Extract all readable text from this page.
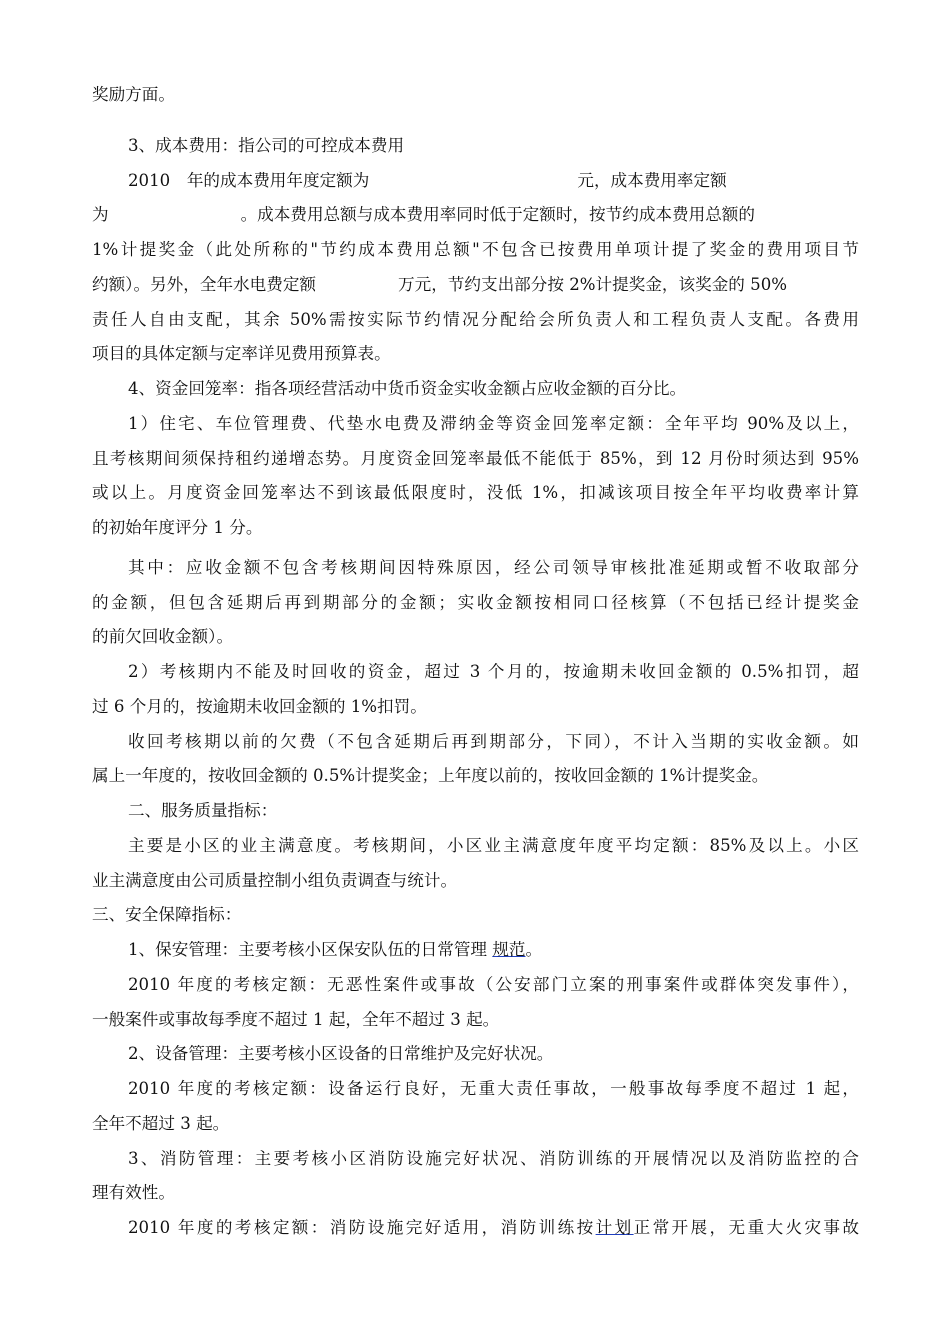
奖励方面。
3、成本费用：指公司的可控成本费用
2010　年的成本费用年度定额为	元，成本费用率定额
为	。成本费用总额与成本费用率同时低于定额时，按节约成本费用总额的
1%计提奖金（此处所称的"节约成本费用总额"不包含已按费用单项计提了奖金的费用项目节
约额）。另外，全年水电费定额	万元，节约支出部分按 2%计提奖金，该奖金的 50%
责任人自由支配，其余 50%需按实际节约情况分配给会所负责人和工程负责人支配。各费用
项目的具体定额与定率详见费用预算表。
4、资金回笼率：指各项经营活动中货币资金实收金额占应收金额的百分比。
1）住宅、车位管理费、代垫水电费及滞纳金等资金回笼率定额：全年平均 90%及以上，
且考核期间须保持租约递增态势。月度资金回笼率最低不能低于 85%，到 12 月份时须达到 95%
或以上。月度资金回笼率达不到该最低限度时，没低 1%，扣减该项目按全年平均收费率计算
的初始年度评分 1 分。
其中：应收金额不包含考核期间因特殊原因，经公司领导审核批准延期或暂不收取部分
的金额，但包含延期后再到期部分的金额；实收金额按相同口径核算（不包括已经计提奖金
的前欠回收金额）。
2）考核期内不能及时回收的资金，超过 3 个月的，按逾期未收回金额的 0.5%扣罚，超
过 6 个月的，按逾期未收回金额的 1%扣罚。
收回考核期以前的欠费（不包含延期后再到期部分，下同），不计入当期的实收金额。如
属上一年度的，按收回金额的 0.5%计提奖金；上年度以前的，按收回金额的 1%计提奖金。
二、服务质量指标：
主要是小区的业主满意度。考核期间，小区业主满意度年度平均定额：85%及以上。小区
业主满意度由公司质量控制小组负责调查与统计。
三、安全保障指标：
1、保安管理：主要考核小区保安队伍的日常管理 规范。
2010 年度的考核定额：无恶性案件或事故（公安部门立案的刑事案件或群体突发事件），
一般案件或事故每季度不超过 1 起，全年不超过 3 起。
2、设备管理：主要考核小区设备的日常维护及完好状况。
2010 年度的考核定额：设备运行良好，无重大责任事故，一般事故每季度不超过 1 起，
全年不超过 3 起。
3、消防管理：主要考核小区消防设施完好状况、消防训练的开展情况以及消防监控的合
理有效性。
2010 年度的考核定额：消防设施完好适用，消防训练按计划正常开展，无重大火灾事故
